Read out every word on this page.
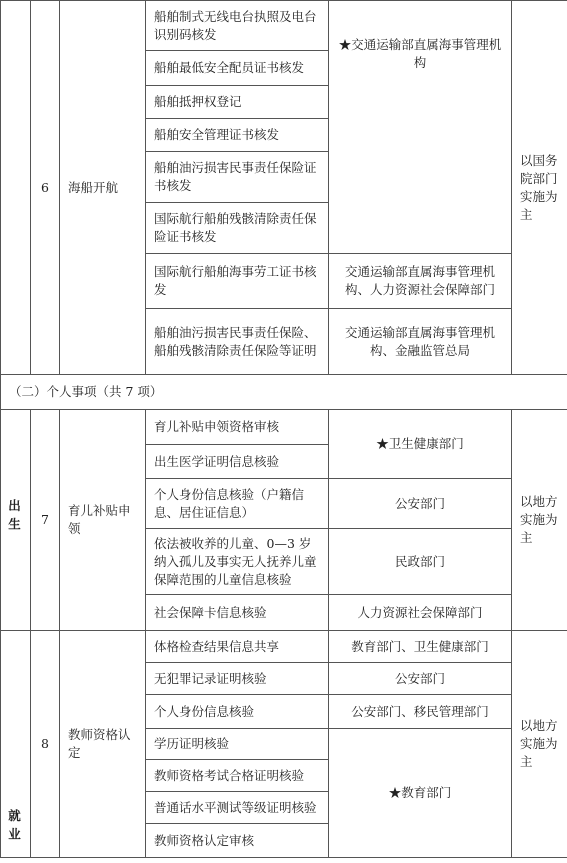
	6	海船开航	船舶制式无线电台执照及电台识别码核发	★交通运输部直属海事管理机构	以国务院部门实施为主
			船舶最低安全配员证书核发		
			船舶抵押权登记		
			船舶安全管理证书核发		
			船舶油污损害民事责任保险证书核发		
			国际航行船舶残骸清除责任保险证书核发		
			国际航行船舶海事劳工证书核发	交通运输部直属海事管理机构、人力资源社会保障部门	
			船舶油污损害民事责任保险、船舶残骸清除责任保险等证明	交通运输部直属海事管理机构、金融监管总局	
（二）个人事项（共 7 项）					
出生	7	育儿补贴申领	育儿补贴申领资格审核	★卫生健康部门	以地方实施为主
			出生医学证明信息核验		
			个人身份信息核验（户籍信息、居住证信息）	公安部门	
			依法被收养的儿童、0—3 岁纳入孤儿及事实无人抚养儿童保障范围的儿童信息核验	民政部门	
			社会保障卡信息核验	人力资源社会保障部门	
就业	8	教师资格认定	体格检查结果信息共享	教育部门、卫生健康部门	以地方实施为主
			无犯罪记录证明核验	公安部门	
			个人身份信息核验	公安部门、移民管理部门	
			学历证明核验	★教育部门	
			教师资格考试合格证明核验		
			普通话水平测试等级证明核验		
			教师资格认定审核		
